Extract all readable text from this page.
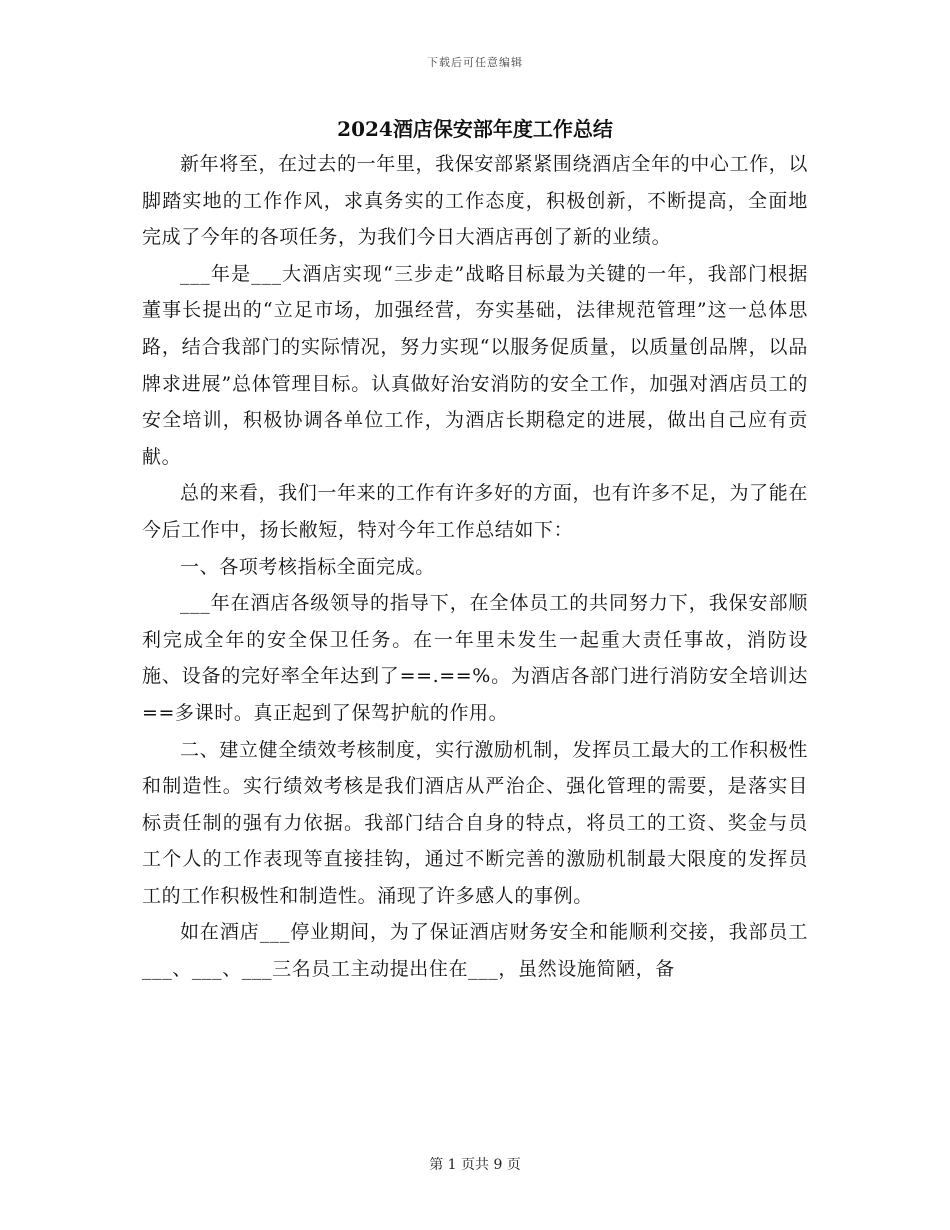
下载后可任意编辑
2024酒店保安部年度工作总结

新年将至，在过去的一年里，我保安部紧紧围绕酒店全年的中心工作，以脚踏实地的工作作风，求真务实的工作态度，积极创新，不断提高，全面地完成了今年的各项任务，为我们今日大酒店再创了新的业绩。

___年是___大酒店实现“三步走”战略目标最为关键的一年，我部门根据董事长提出的“立足市场，加强经营，夯实基础，法律规范管理”这一总体思路，结合我部门的实际情况，努力实现“以服务促质量，以质量创品牌，以品牌求进展”总体管理目标。认真做好治安消防的安全工作，加强对酒店员工的安全培训，积极协调各单位工作，为酒店长期稳定的进展，做出自己应有贡献。

总的来看，我们一年来的工作有许多好的方面，也有许多不足，为了能在今后工作中，扬长敝短，特对今年工作总结如下：

一、各项考核指标全面完成。

___年在酒店各级领导的指导下，在全体员工的共同努力下，我保安部顺利完成全年的安全保卫任务。在一年里未发生一起重大责任事故，消防设施、设备的完好率全年达到了==.==%。为酒店各部门进行消防安全培训达==多课时。真正起到了保驾护航的作用。

二、建立健全绩效考核制度，实行激励机制，发挥员工最大的工作积极性和制造性。实行绩效考核是我们酒店从严治企、强化管理的需要，是落实目标责任制的强有力依据。我部门结合自身的特点，将员工的工资、奖金与员工个人的工作表现等直接挂钩，通过不断完善的激励机制最大限度的发挥员工的工作积极性和制造性。涌现了许多感人的事例。

如在酒店___停业期间，为了保证酒店财务安全和能顺利交接，我部员工___、___、___三名员工主动提出住在___，虽然设施简陋，备

第 1 页共 9 页
